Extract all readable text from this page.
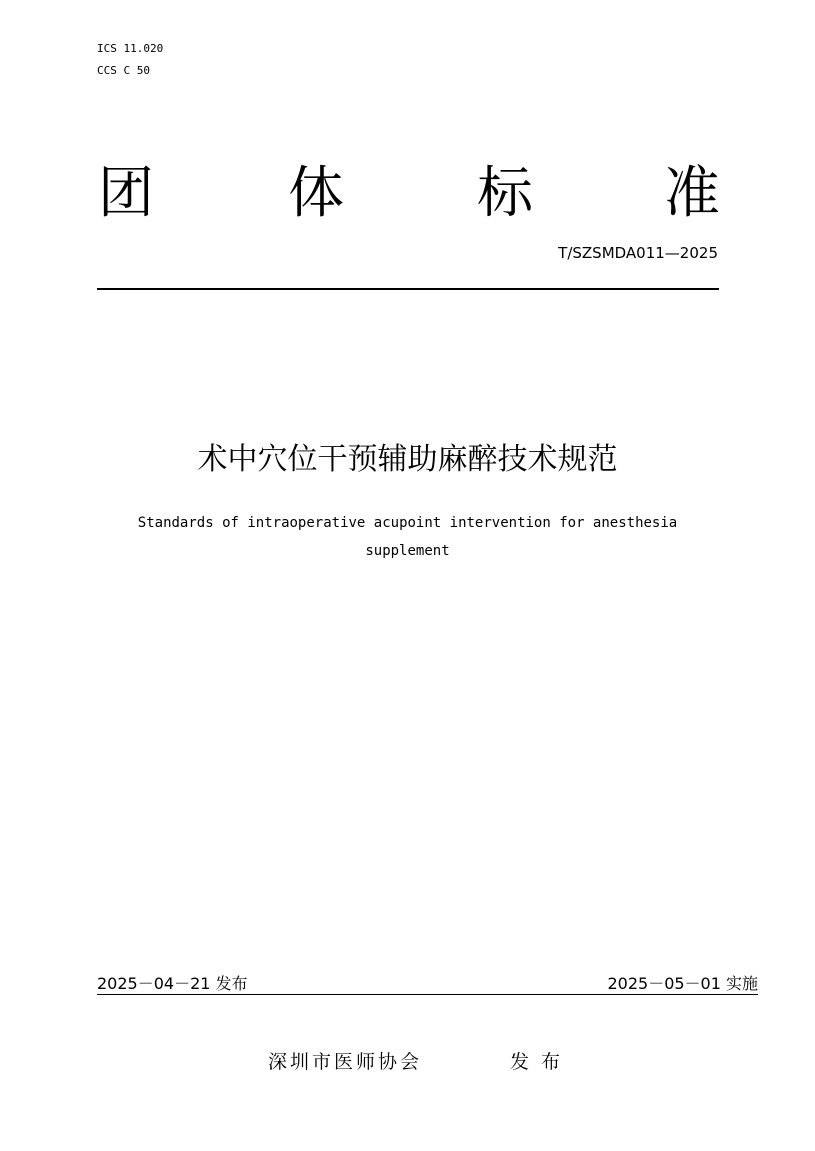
ICS 11.020
CCS C 50
团 体 标 准
T/SZSMDA011—2025
术中穴位干预辅助麻醉技术规范
Standards of intraoperative acupoint intervention for anesthesia
supplement
2025－04－21 发布	2025－05－01 实施
深圳市医师协会	发布
